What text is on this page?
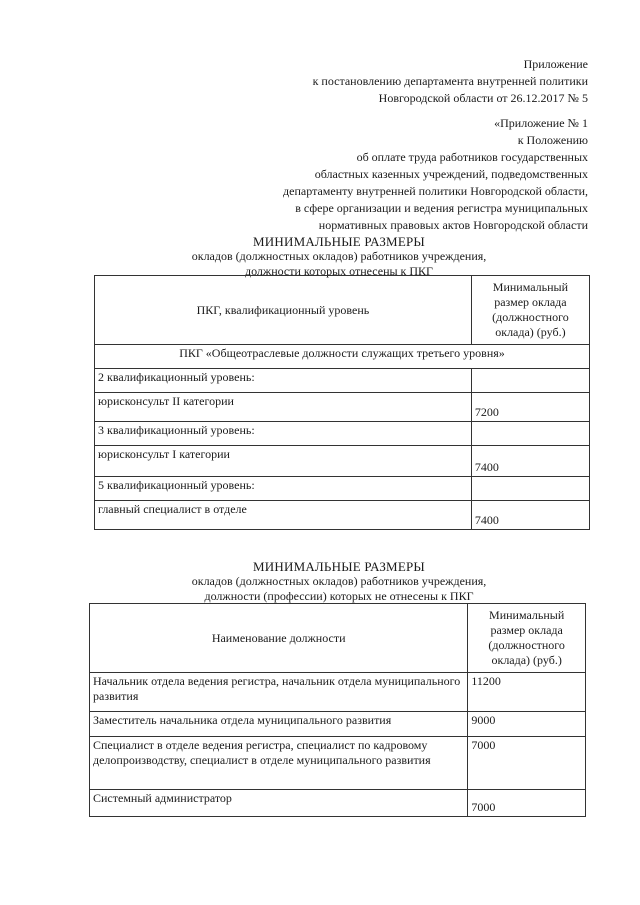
Приложение
к постановлению департамента внутренней политики
Новгородской области от 26.12.2017 № 5
«Приложение № 1
к Положению
об оплате труда работников государственных
областных казенных учреждений, подведомственных
департаменту внутренней политики Новгородской области,
в сфере организации и ведения регистра муниципальных
нормативных правовых актов Новгородской области
МИНИМАЛЬНЫЕ РАЗМЕРЫ
окладов (должностных окладов) работников учреждения,
должности которых отнесены к ПКГ
ПКГ, квалификационный уровень	Минимальный размер оклада (должностного оклада) (руб.)
ПКГ «Общеотраслевые должности служащих третьего уровня»	
2 квалификационный уровень:	
юрисконсульт II категории	7200
3 квалификационный уровень:	
юрисконсульт I категории	7400
5 квалификационный уровень:	
главный специалист в отделе	7400
МИНИМАЛЬНЫЕ РАЗМЕРЫ
окладов (должностных окладов) работников учреждения,
должности (профессии) которых не отнесены к ПКГ
Наименование должности	Минимальный размер оклада (должностного оклада) (руб.)
Начальник отдела ведения регистра, начальник отдела муниципального развития	11200
Заместитель начальника отдела муниципального развития	9000
Специалист в отделе ведения регистра, специалист по кадровому делопроизводству, специалист в отделе муниципального развития	7000
Системный администратор	7000
